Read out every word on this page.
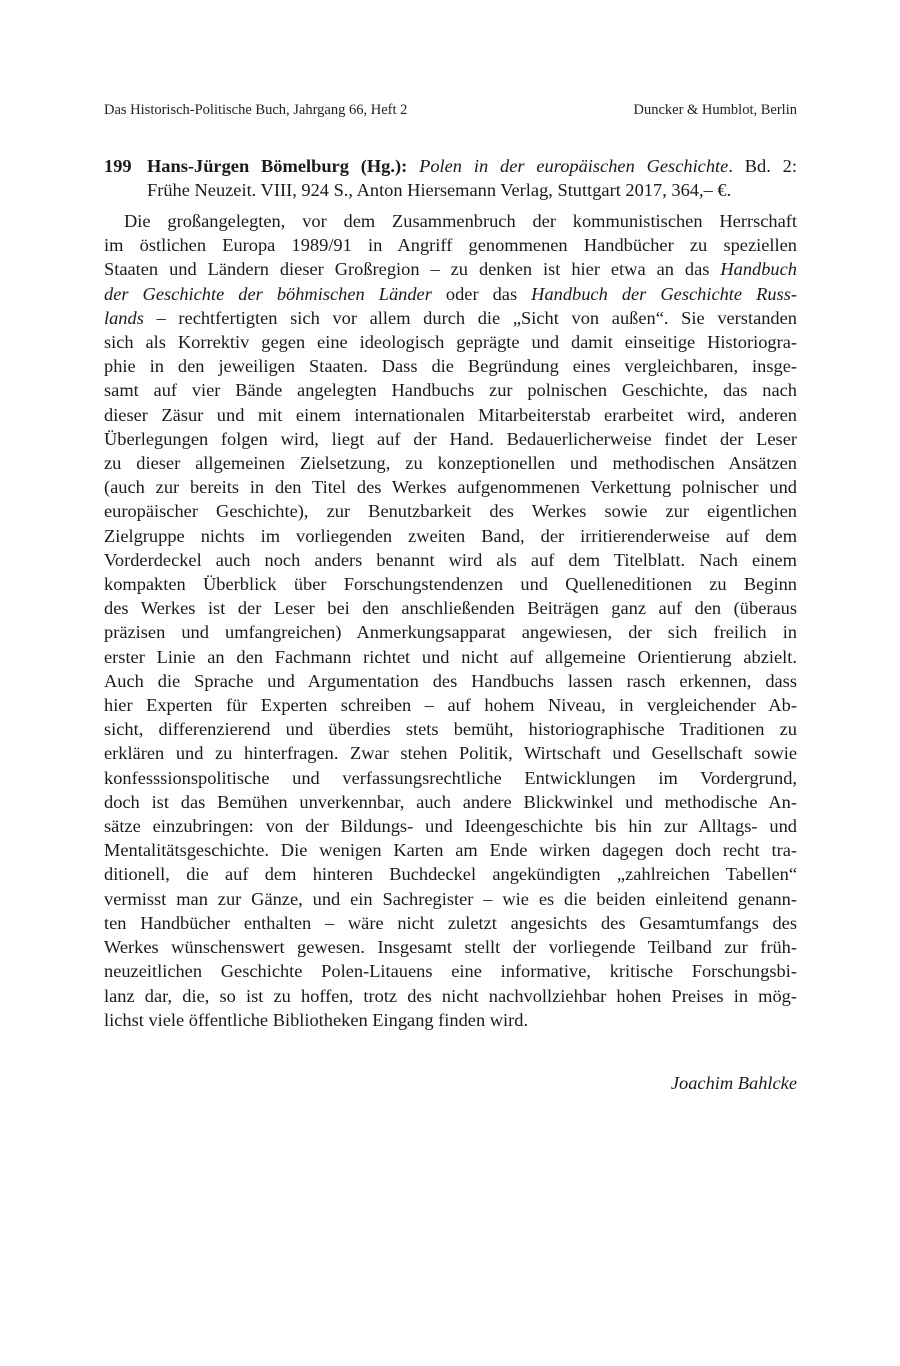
Das Historisch-Politische Buch, Jahrgang 66, Heft 2	Duncker & Humblot, Berlin
199 Hans-Jürgen Bömelburg (Hg.): Polen in der europäischen Geschichte. Bd. 2:
Frühe Neuzeit. VIII, 924 S., Anton Hiersemann Verlag, Stuttgart 2017, 364,– €.
Die großangelegten, vor dem Zusammenbruch der kommunistischen Herrschaft
im östlichen Europa 1989/91 in Angriff genommenen Handbücher zu speziellen
Staaten und Ländern dieser Großregion – zu denken ist hier etwa an das Handbuch
der Geschichte der böhmischen Länder oder das Handbuch der Geschichte Russ-
lands – rechtfertigten sich vor allem durch die „Sicht von außen“. Sie verstanden
sich als Korrektiv gegen eine ideologisch geprägte und damit einseitige Historiogra-
phie in den jeweiligen Staaten. Dass die Begründung eines vergleichbaren, insge-
samt auf vier Bände angelegten Handbuchs zur polnischen Geschichte, das nach
dieser Zäsur und mit einem internationalen Mitarbeiterstab erarbeitet wird, anderen
Überlegungen folgen wird, liegt auf der Hand. Bedauerlicherweise findet der Leser
zu dieser allgemeinen Zielsetzung, zu konzeptionellen und methodischen Ansätzen
(auch zur bereits in den Titel des Werkes aufgenommenen Verkettung polnischer und
europäischer Geschichte), zur Benutzbarkeit des Werkes sowie zur eigentlichen
Zielgruppe nichts im vorliegenden zweiten Band, der irritierenderweise auf dem
Vorderdeckel auch noch anders benannt wird als auf dem Titelblatt. Nach einem
kompakten Überblick über Forschungstendenzen und Quelleneditionen zu Beginn
des Werkes ist der Leser bei den anschließenden Beiträgen ganz auf den (überaus
präzisen und umfangreichen) Anmerkungsapparat angewiesen, der sich freilich in
erster Linie an den Fachmann richtet und nicht auf allgemeine Orientierung abzielt.
Auch die Sprache und Argumentation des Handbuchs lassen rasch erkennen, dass
hier Experten für Experten schreiben – auf hohem Niveau, in vergleichender Ab-
sicht, differenzierend und überdies stets bemüht, historiographische Traditionen zu
erklären und zu hinterfragen. Zwar stehen Politik, Wirtschaft und Gesellschaft sowie
konfesssionspolitische und verfassungsrechtliche Entwicklungen im Vordergrund,
doch ist das Bemühen unverkennbar, auch andere Blickwinkel und methodische An-
sätze einzubringen: von der Bildungs- und Ideengeschichte bis hin zur Alltags- und
Mentalitätsgeschichte. Die wenigen Karten am Ende wirken dagegen doch recht tra-
ditionell, die auf dem hinteren Buchdeckel angekündigten „zahlreichen Tabellen“
vermisst man zur Gänze, und ein Sachregister – wie es die beiden einleitend genann-
ten Handbücher enthalten – wäre nicht zuletzt angesichts des Gesamtumfangs des
Werkes wünschenswert gewesen. Insgesamt stellt der vorliegende Teilband zur früh-
neuzeitlichen Geschichte Polen-Litauens eine informative, kritische Forschungsbi-
lanz dar, die, so ist zu hoffen, trotz des nicht nachvollziehbar hohen Preises in mög-
lichst viele öffentliche Bibliotheken Eingang finden wird.
Joachim Bahlcke
